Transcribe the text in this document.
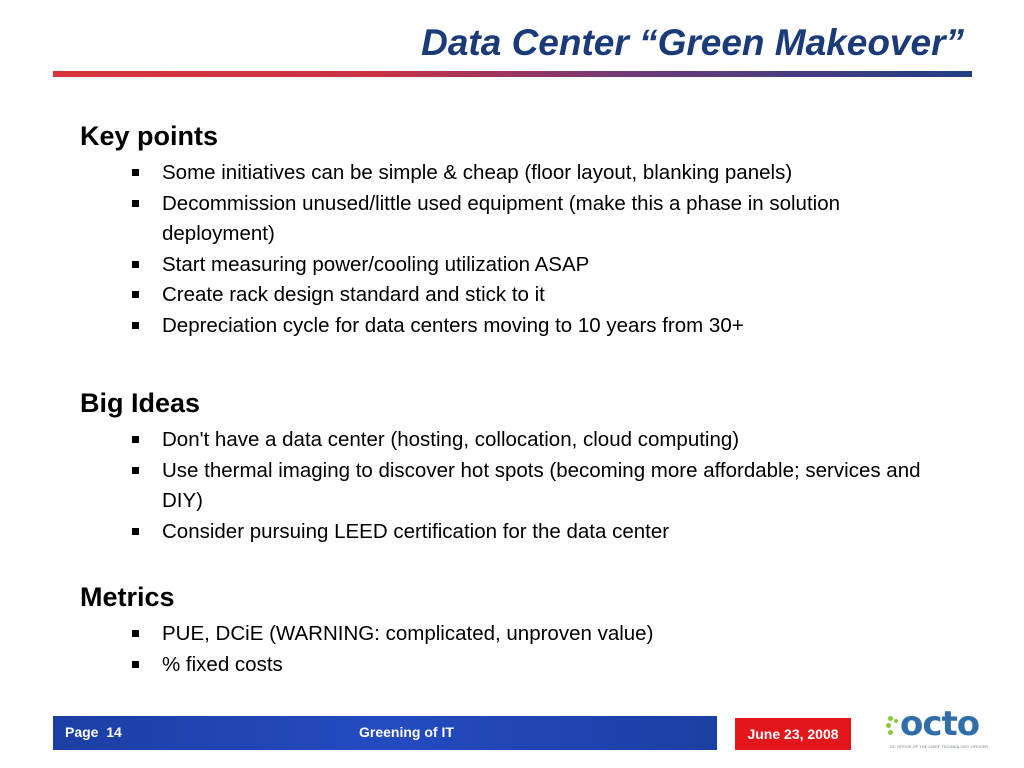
Data Center “Green Makeover”
Key points
Some initiatives can be simple & cheap (floor layout, blanking panels)
Decommission unused/little used equipment (make this a phase in solution deployment)
Start measuring power/cooling utilization ASAP
Create rack design standard and stick to it
Depreciation cycle for data centers moving to 10 years from 30+
Big Ideas
Don't have a data center (hosting, collocation, cloud computing)
Use thermal imaging to discover hot spots (becoming more affordable; services and DIY)
Consider pursuing LEED certification for the data center
Metrics
PUE, DCiE (WARNING: complicated, unproven value)
% fixed costs
Page  14	Greening of IT	June 23, 2008 octo
DC OFFICE OF THE CHIEF TECHNOLOGY OFFICER
